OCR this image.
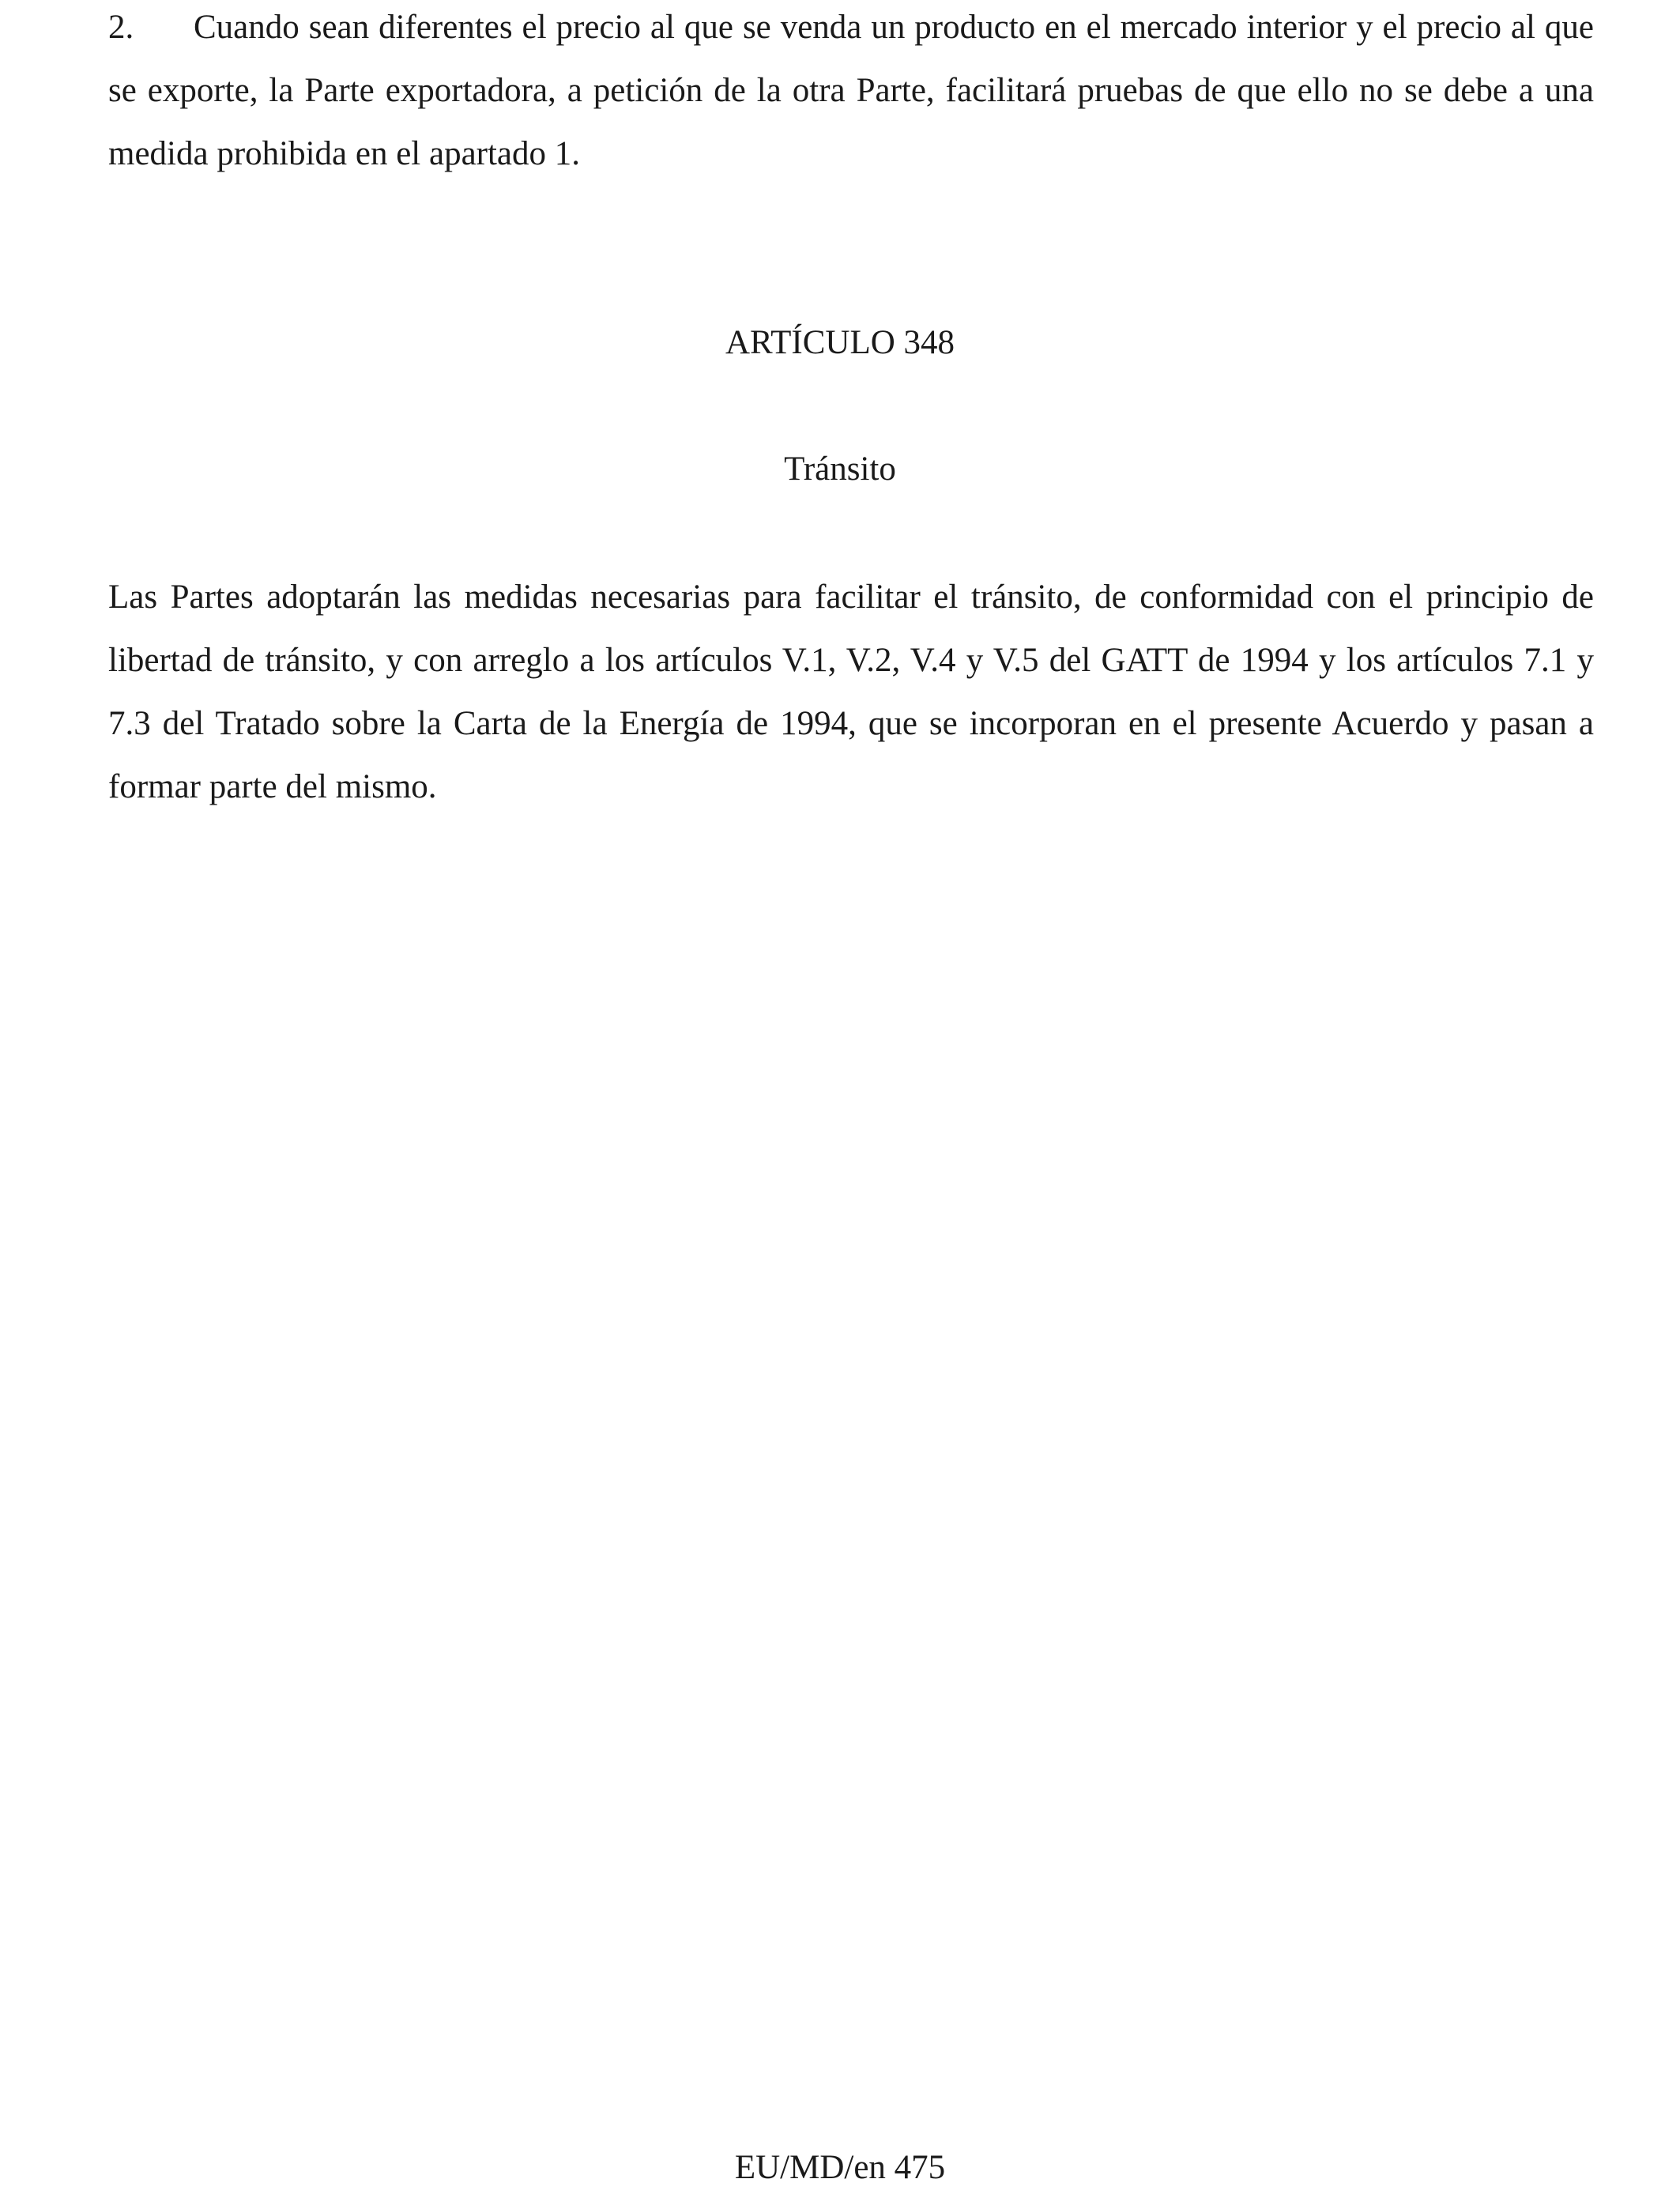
2. Cuando sean diferentes el precio al que se venda un producto en el mercado interior y el precio al que se exporte, la Parte exportadora, a petición de la otra Parte, facilitará pruebas de que ello no se debe a una medida prohibida en el apartado 1.

ARTÍCULO 348
Tránsito

Las Partes adoptarán las medidas necesarias para facilitar el tránsito, de conformidad con el principio de libertad de tránsito, y con arreglo a los artículos V.1, V.2, V.4 y V.5 del GATT de 1994 y los artículos 7.1 y 7.3 del Tratado sobre la Carta de la Energía de 1994, que se incorporan en el presente Acuerdo y pasan a formar parte del mismo.

EU/MD/en 475
